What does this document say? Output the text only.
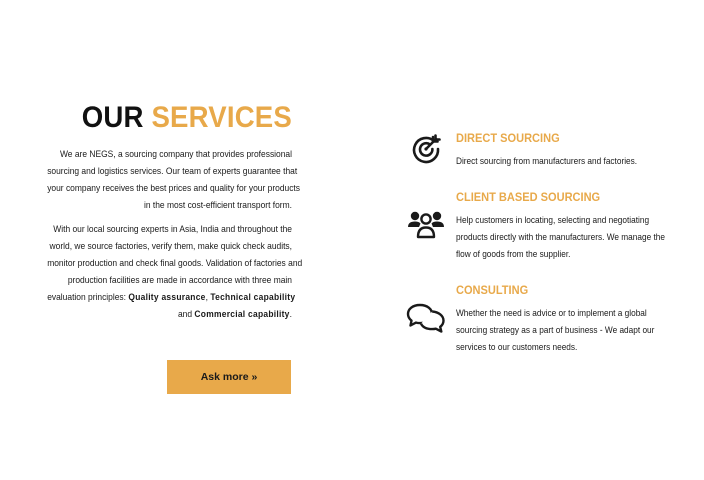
OUR SERVICES

We are NEGS, a sourcing company that provides professional
sourcing and logistics services. Our team of experts guarantee that
your company receives the best prices and quality for your products
in the most cost-efficient transport form.

With our local sourcing experts in Asia, India and throughout the
world, we source factories, verify them, make quick check audits,
monitor production and check final goods. Validation of factories and
production facilities are made in accordance with three main
evaluation principles: Quality assurance, Technical capability
and Commercial capability.

Ask more »
DIRECT SOURCING
Direct sourcing from manufacturers and factories.
CLIENT BASED SOURCING
Help customers in locating, selecting and negotiating
products directly with the manufacturers. We manage the
flow of goods from the supplier.
CONSULTING
Whether the need is advice or to implement a global
sourcing strategy as a part of business - We adapt our
services to our customers needs.
